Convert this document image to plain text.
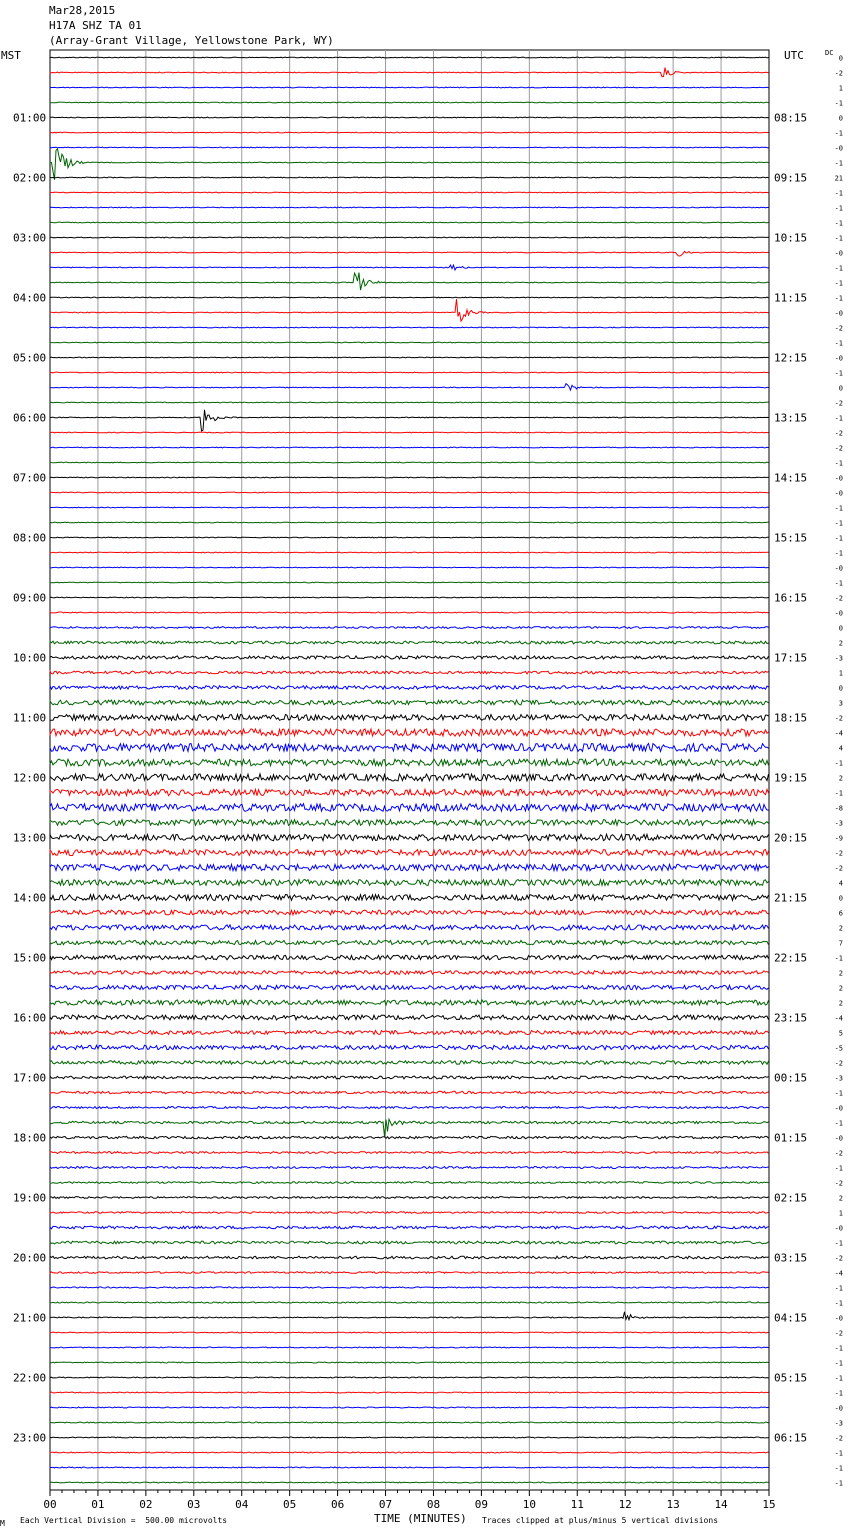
Mar28,2015
H17A SHZ TA 01
(Array-Grant Village, Yellowstone Park, WY)
MST	UTC	DC
01:00
02:00
03:00
04:00
05:00
06:00
07:00
08:00
09:00
10:00
11:00
12:00
13:00
14:00
15:00
16:00
17:00
18:00
19:00
20:00
21:00
22:00
23:00
08:15
09:15
10:15
11:15
12:15
13:15
14:15
15:15
16:15
17:15
18:15
19:15
20:15
21:15
22:15
23:15
00:15
01:15
02:15
03:15
04:15
05:15
06:15
0
-2
1
-1
0
-1
-0
-1
21
-1
-1
-1
-1
-0
-1
-1
-1
-0
-2
-1
-0
-1
0
-2
-1
-2
-2
-1
-0
-0
-1
-1
-1
-1
-0
-1
-2
-0
0
2
-3
1
0
3
-2
-4
4
-1
2
-1
-8
-3
-9
-2
-2
4
0
6
2
7
-1
2
2
2
-4
5
-5
-2
-3
-1
-0
-1
-0
-2
-1
-2
2
1
-0
-1
-2
-4
-1
-1
-0
-2
-1
-1
-1
-1
-0
-3
-2
-1
-1
-1
00	01	02	03	04	05	06	07	08	09	10	11	12	13	14	15
M Each Vertical Division =  500.00 microvolts	TIME (MINUTES) Traces clipped at plus/minus 5 vertical divisions
